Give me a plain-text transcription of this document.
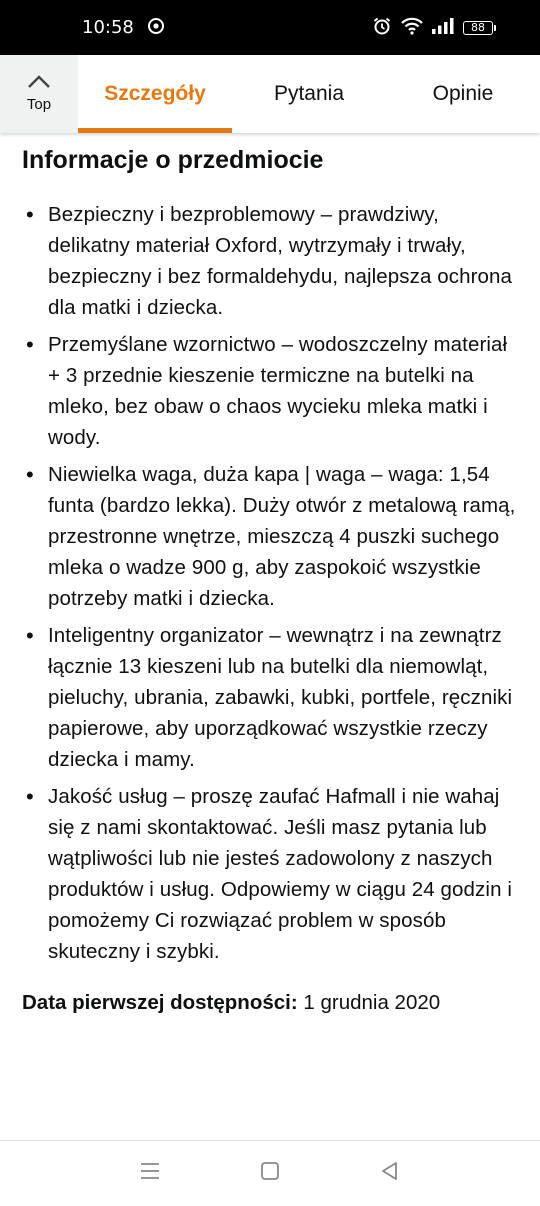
10:58	88
Top	Szczegóły	Pytania	Opinie
Informacje o przedmiocie
• Bezpieczny i bezproblemowy – prawdziwy, delikatny materiał Oxford, wytrzymały i trwały, bezpieczny i bez formaldehydu, najlepsza ochrona dla matki i dziecka.
• Przemyślane wzornictwo – wodoszczelny materiał + 3 przednie kieszenie termiczne na butelki na mleko, bez obaw o chaos wycieku mleka matki i wody.
• Niewielka waga, duża kapa | waga – waga: 1,54 funta (bardzo lekka). Duży otwór z metalową ramą, przestronne wnętrze, mieszczą 4 puszki suchego mleka o wadze 900 g, aby zaspokoić wszystkie potrzeby matki i dziecka.
• Inteligentny organizator – wewnątrz i na zewnątrz łącznie 13 kieszeni lub na butelki dla niemowląt, pieluchy, ubrania, zabawki, kubki, portfele, ręczniki papierowe, aby uporządkować wszystkie rzeczy dziecka i mamy.
• Jakość usług – proszę zaufać Hafmall i nie wahaj się z nami skontaktować. Jeśli masz pytania lub wątpliwości lub nie jesteś zadowolony z naszych produktów i usług. Odpowiemy w ciągu 24 godzin i pomożemy Ci rozwiązać problem w sposób skuteczny i szybki.
Data pierwszej dostępności: 1 grudnia 2020
